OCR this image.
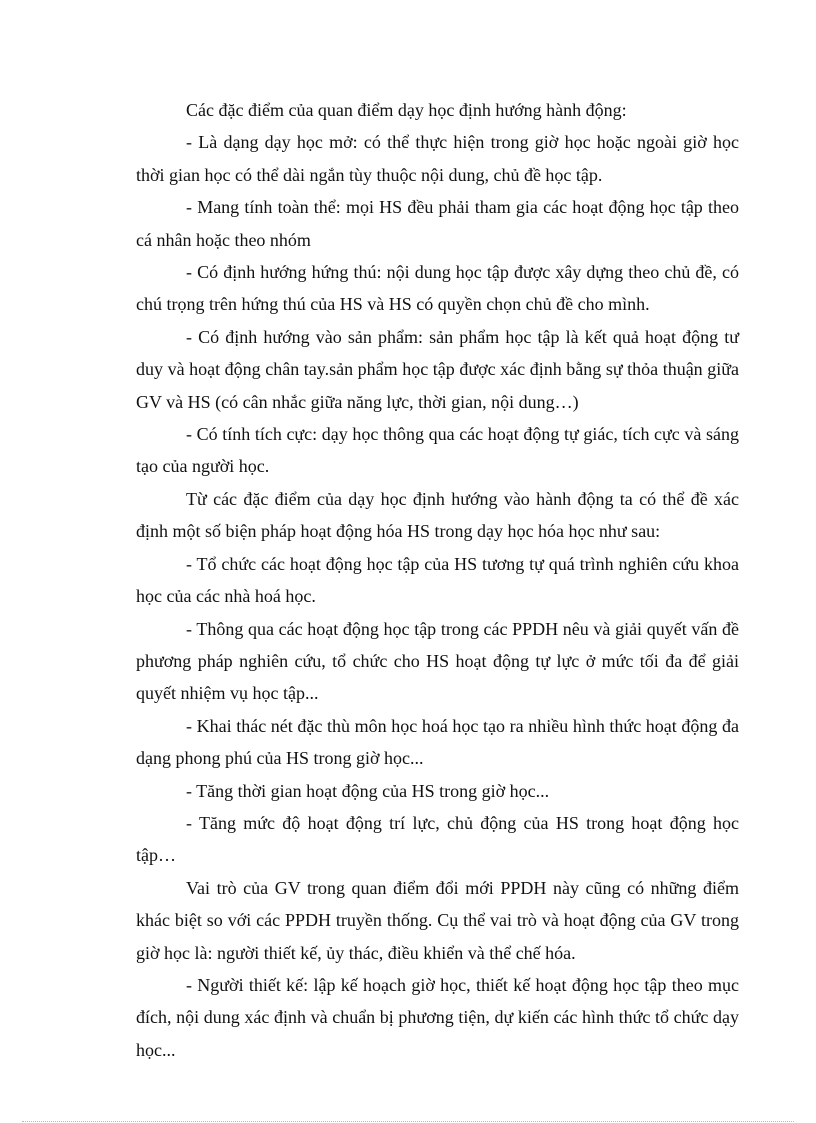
Các đặc điểm của quan điểm dạy học định hướng hành động:

- Là dạng dạy học mở: có thể thực hiện trong giờ học hoặc ngoài giờ học thời gian học có thể dài ngắn tùy thuộc nội dung, chủ đề học tập.

- Mang tính toàn thể: mọi HS đều phải tham gia các hoạt động học tập theo cá nhân hoặc theo nhóm

- Có định hướng hứng thú: nội dung học tập được xây dựng theo chủ đề, có chú trọng trên hứng thú của HS và HS có quyền chọn chủ đề cho mình.

- Có định hướng vào sản phẩm: sản phẩm học tập là kết quả hoạt động tư duy và hoạt động chân tay.sản phẩm học tập được xác định bằng sự thỏa thuận giữa GV và HS (có cân nhắc giữa năng lực, thời gian, nội dung…)

- Có tính tích cực: dạy học thông qua các hoạt động tự giác, tích cực và sáng tạo của người học.

Từ các đặc điểm của dạy học định hướng vào hành động ta có thể đề xác định một số biện pháp hoạt động hóa HS trong dạy học hóa học như sau:

- Tổ chức các hoạt động học tập của HS tương tự quá trình nghiên cứu khoa học của các nhà hoá học.

- Thông qua các hoạt động học tập trong các PPDH nêu và giải quyết vấn đề phương pháp nghiên cứu, tổ chức cho HS hoạt động tự lực ở mức tối đa để giải quyết nhiệm vụ học tập...

- Khai thác nét đặc thù môn học hoá học tạo ra nhiều hình thức hoạt động đa dạng phong phú của HS trong giờ học...

- Tăng thời gian hoạt động của HS trong giờ học...

- Tăng mức độ hoạt động trí lực, chủ động của HS trong hoạt động học tập…

Vai trò của GV trong quan điểm đổi mới PPDH này cũng có những điểm khác biệt so với các PPDH truyền thống. Cụ thể vai trò và hoạt động của GV trong giờ học là: người thiết kế, ủy thác, điều khiển và thể chế hóa.

- Người thiết kế: lập kế hoạch giờ học, thiết kế hoạt động học tập theo mục đích, nội dung xác định và chuẩn bị phương tiện, dự kiến các hình thức tổ chức dạy học...
